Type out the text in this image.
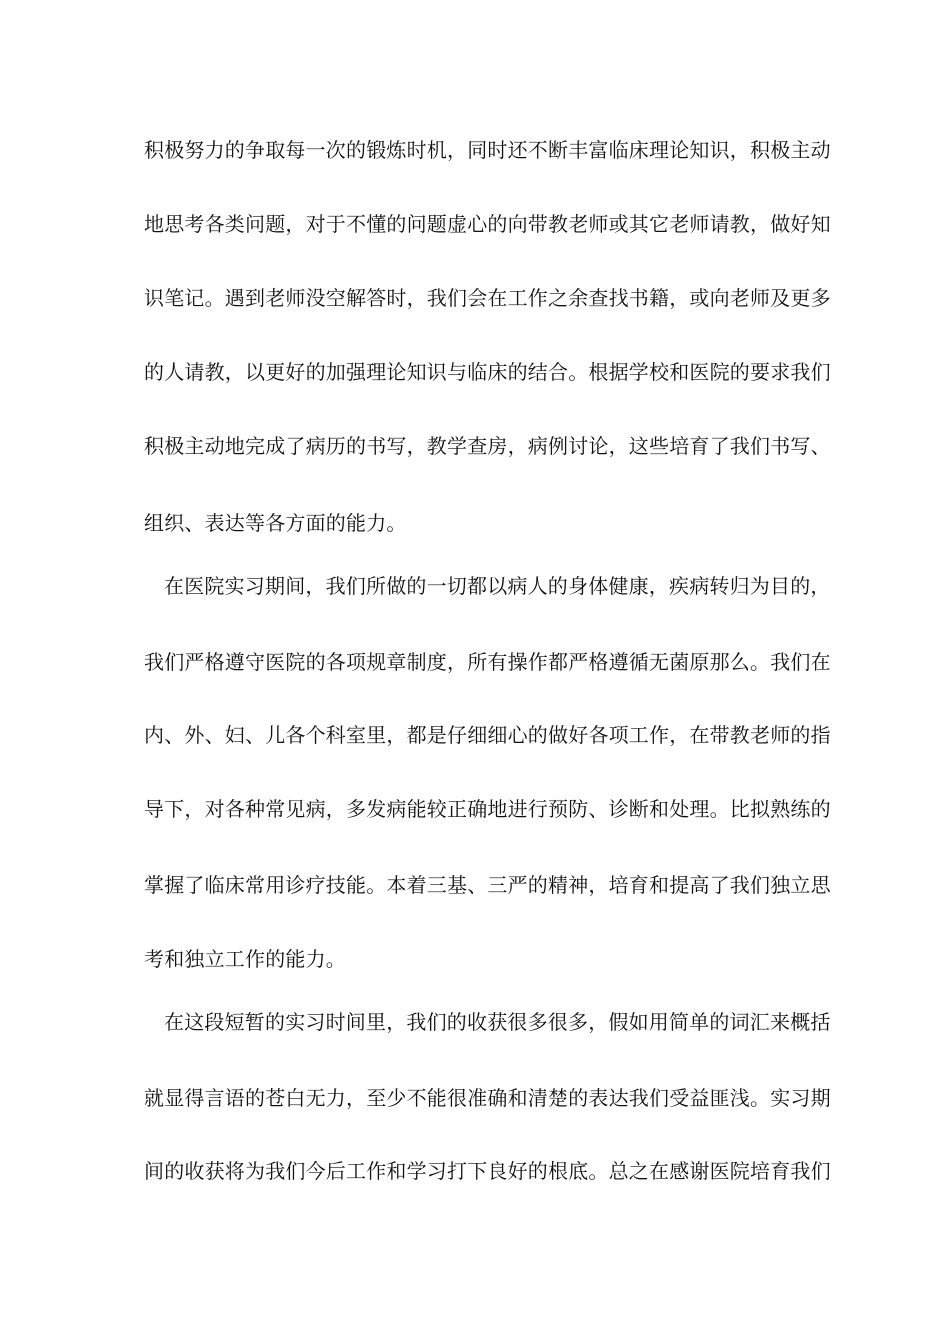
积极努力的争取每一次的锻炼时机，同时还不断丰富临床理论知识，积极主动
地思考各类问题，对于不懂的问题虚心的向带教老师或其它老师请教，做好知
识笔记。遇到老师没空解答时，我们会在工作之余查找书籍，或向老师及更多
的人请教，以更好的加强理论知识与临床的结合。根据学校和医院的要求我们
积极主动地完成了病历的书写，教学查房，病例讨论，这些培育了我们书写、
组织、表达等各方面的能力。
在医院实习期间，我们所做的一切都以病人的身体健康，疾病转归为目的，
我们严格遵守医院的各项规章制度，所有操作都严格遵循无菌原那么。我们在
内、外、妇、儿各个科室里，都是仔细细心的做好各项工作，在带教老师的指
导下，对各种常见病，多发病能较正确地进行预防、诊断和处理。比拟熟练的
掌握了临床常用诊疗技能。本着三基、三严的精神，培育和提高了我们独立思
考和独立工作的能力。
在这段短暂的实习时间里，我们的收获很多很多，假如用简单的词汇来概括
就显得言语的苍白无力，至少不能很准确和清楚的表达我们受益匪浅。实习期
间的收获将为我们今后工作和学习打下良好的根底。总之在感谢医院培育我们
